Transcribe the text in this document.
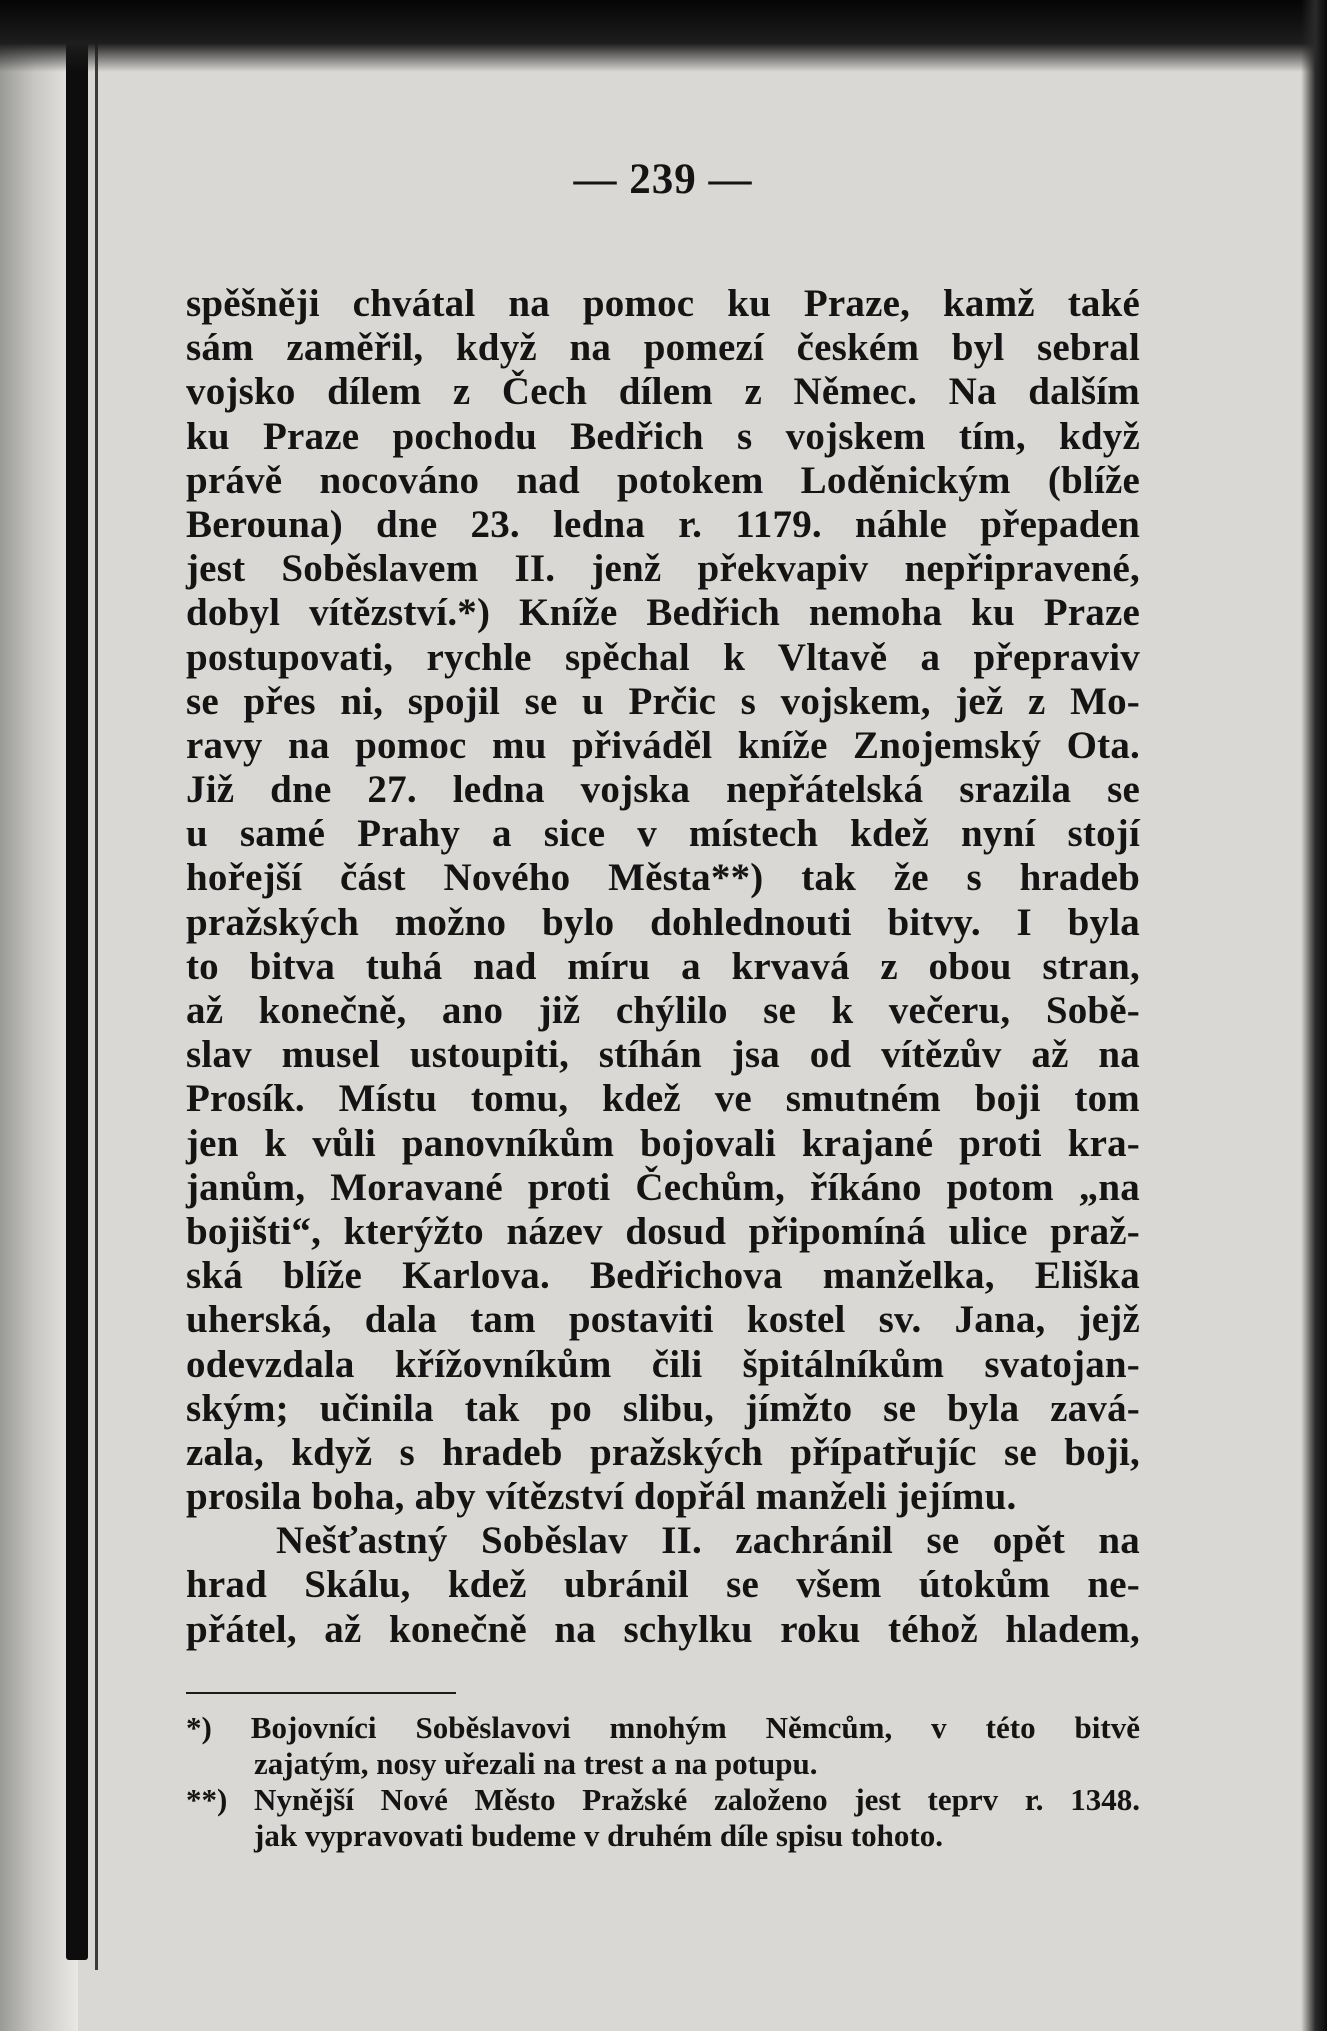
— 239 —
spěšněji chvátal na pomoc ku Praze, kamž také
sám zaměřil, když na pomezí českém byl sebral
vojsko dílem z Čech dílem z Němec. Na dalším
ku Praze pochodu Bedřich s vojskem tím, když
právě nocováno nad potokem Loděnickým (blíže
Berouna) dne 23. ledna r. 1179. náhle přepaden
jest Soběslavem II. jenž překvapiv nepřipravené,
dobyl vítězství.*) Kníže Bedřich nemoha ku Praze
postupovati, rychle spěchal k Vltavě a přepraviv
se přes ni, spojil se u Prčic s vojskem, jež z Mo-
ravy na pomoc mu přiváděl kníže Znojemský Ota.
Již dne 27. ledna vojska nepřátelská srazila se
u samé Prahy a sice v místech kdež nyní stojí
hořejší část Nového Města**) tak že s hradeb
pražských možno bylo dohlednouti bitvy. I byla
to bitva tuhá nad míru a krvavá z obou stran,
až konečně, ano již chýlilo se k večeru, Sobě-
slav musel ustoupiti, stíhán jsa od vítězův až na
Prosík. Místu tomu, kdež ve smutném boji tom
jen k vůli panovníkům bojovali krajané proti kra-
janům, Moravané proti Čechům, říkáno potom „na
bojišti“, kterýžto název dosud připomíná ulice praž-
ská blíže Karlova. Bedřichova manželka, Eliška
uherská, dala tam postaviti kostel sv. Jana, jejž
odevzdala křížovníkům čili špitálníkům svatojan-
ským; učinila tak po slibu, jímžto se byla zavá-
zala, když s hradeb pražských přípatřujíc se boji,
prosila boha, aby vítězství dopřál manželi jejímu.
Nešťastný Soběslav II. zachránil se opět na
hrad Skálu, kdež ubránil se všem útokům ne-
přátel, až konečně na schylku roku téhož hladem,
*) Bojovníci Soběslavovi mnohým Němcům, v této bitvě
zajatým, nosy uřezali na trest a na potupu.
**) Nynější Nové Město Pražské založeno jest teprv r. 1348.
jak vypravovati budeme v druhém díle spisu tohoto.
